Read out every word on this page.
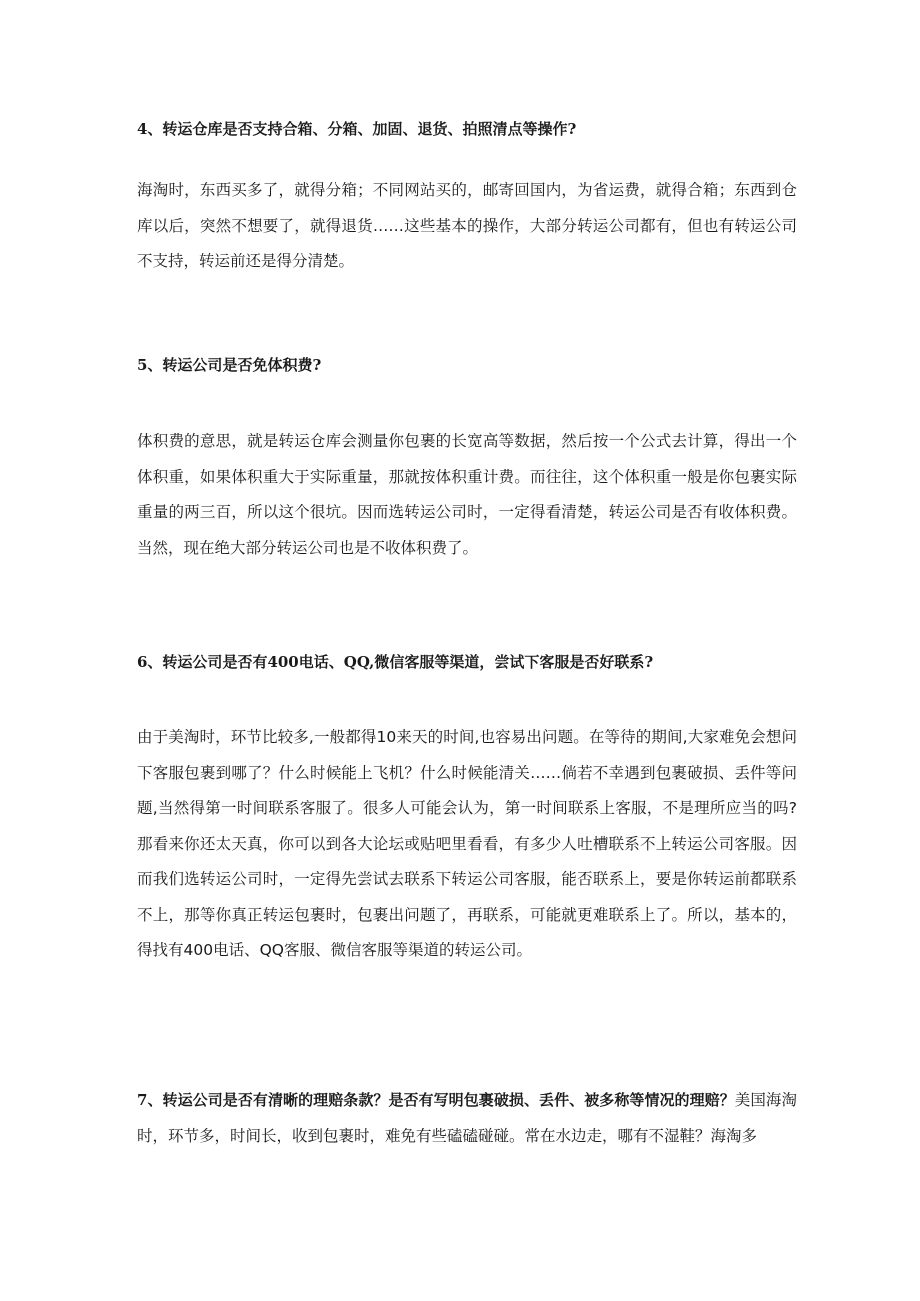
4、转运仓库是否支持合箱、分箱、加固、退货、拍照清点等操作?

海淘时，东西买多了，就得分箱；不同网站买的，邮寄回国内，为省运费，就得合箱；东西到仓库以后，突然不想要了，就得退货……这些基本的操作，大部分转运公司都有，但也有转运公司不支持，转运前还是得分清楚。

5、转运公司是否免体积费?

体积费的意思，就是转运仓库会测量你包裹的长宽高等数据，然后按一个公式去计算，得出一个体积重，如果体积重大于实际重量，那就按体积重计费。而往往，这个体积重一般是你包裹实际重量的两三百，所以这个很坑。因而选转运公司时，一定得看清楚，转运公司是否有收体积费。当然，现在绝大部分转运公司也是不收体积费了。

6、转运公司是否有400电话、QQ,微信客服等渠道，尝试下客服是否好联系?

由于美淘时，环节比较多,一般都得10来天的时间,也容易出问题。在等待的期间,大家难免会想问下客服包裹到哪了？什么时候能上飞机？什么时候能清关……倘若不幸遇到包裹破损、丢件等问题,当然得第一时间联系客服了。很多人可能会认为，第一时间联系上客服，不是理所应当的吗?那看来你还太天真，你可以到各大论坛或贴吧里看看，有多少人吐槽联系不上转运公司客服。因而我们选转运公司时，一定得先尝试去联系下转运公司客服，能否联系上，要是你转运前都联系不上，那等你真正转运包裹时，包裹出问题了，再联系，可能就更难联系上了。所以，基本的，得找有400电话、QQ客服、微信客服等渠道的转运公司。

7、转运公司是否有清晰的理赔条款？是否有写明包裹破损、丢件、被多称等情况的理赔？美国海淘时，环节多，时间长，收到包裹时，难免有些磕磕碰碰。常在水边走，哪有不湿鞋？海淘多
